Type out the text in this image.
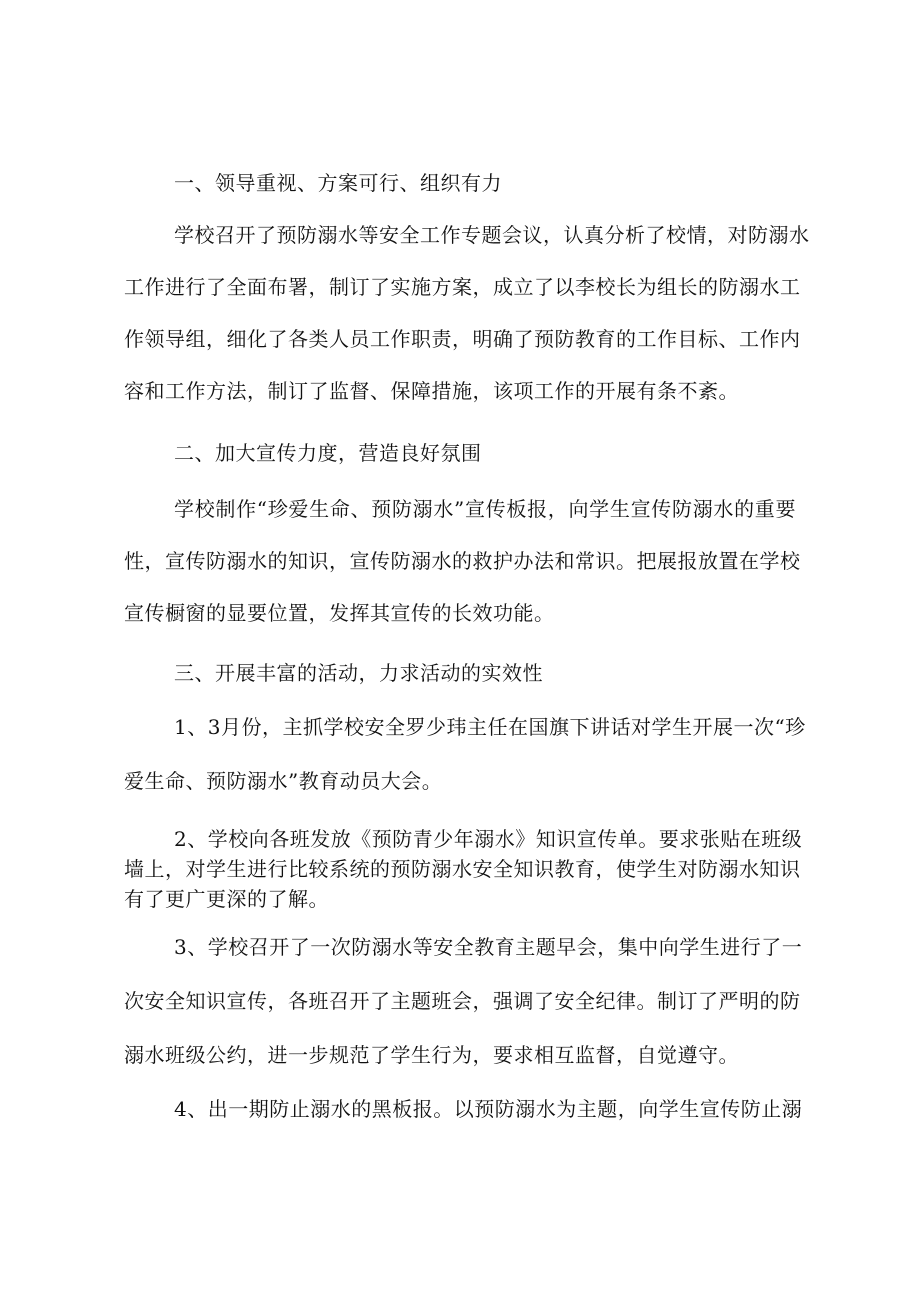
一、领导重视、方案可行、组织有力
学校召开了预防溺水等安全工作专题会议，认真分析了校情，对防溺水
工作进行了全面布署，制订了实施方案，成立了以李校长为组长的防溺水工
作领导组，细化了各类人员工作职责，明确了预防教育的工作目标、工作内
容和工作方法，制订了监督、保障措施，该项工作的开展有条不紊。
二、加大宣传力度，营造良好氛围
学校制作“珍爱生命、预防溺水”宣传板报，向学生宣传防溺水的重要
性，宣传防溺水的知识，宣传防溺水的救护办法和常识。把展报放置在学校
宣传橱窗的显要位置，发挥其宣传的长效功能。
三、开展丰富的活动，力求活动的实效性
1、3月份，主抓学校安全罗少玮主任在国旗下讲话对学生开展一次“珍
爱生命、预防溺水”教育动员大会。
2、学校向各班发放《预防青少年溺水》知识宣传单。要求张贴在班级
墙上，对学生进行比较系统的预防溺水安全知识教育，使学生对防溺水知识
有了更广更深的了解。
3、学校召开了一次防溺水等安全教育主题早会，集中向学生进行了一
次安全知识宣传，各班召开了主题班会，强调了安全纪律。制订了严明的防
溺水班级公约，进一步规范了学生行为，要求相互监督，自觉遵守。
4、出一期防止溺水的黑板报。以预防溺水为主题，向学生宣传防止溺
